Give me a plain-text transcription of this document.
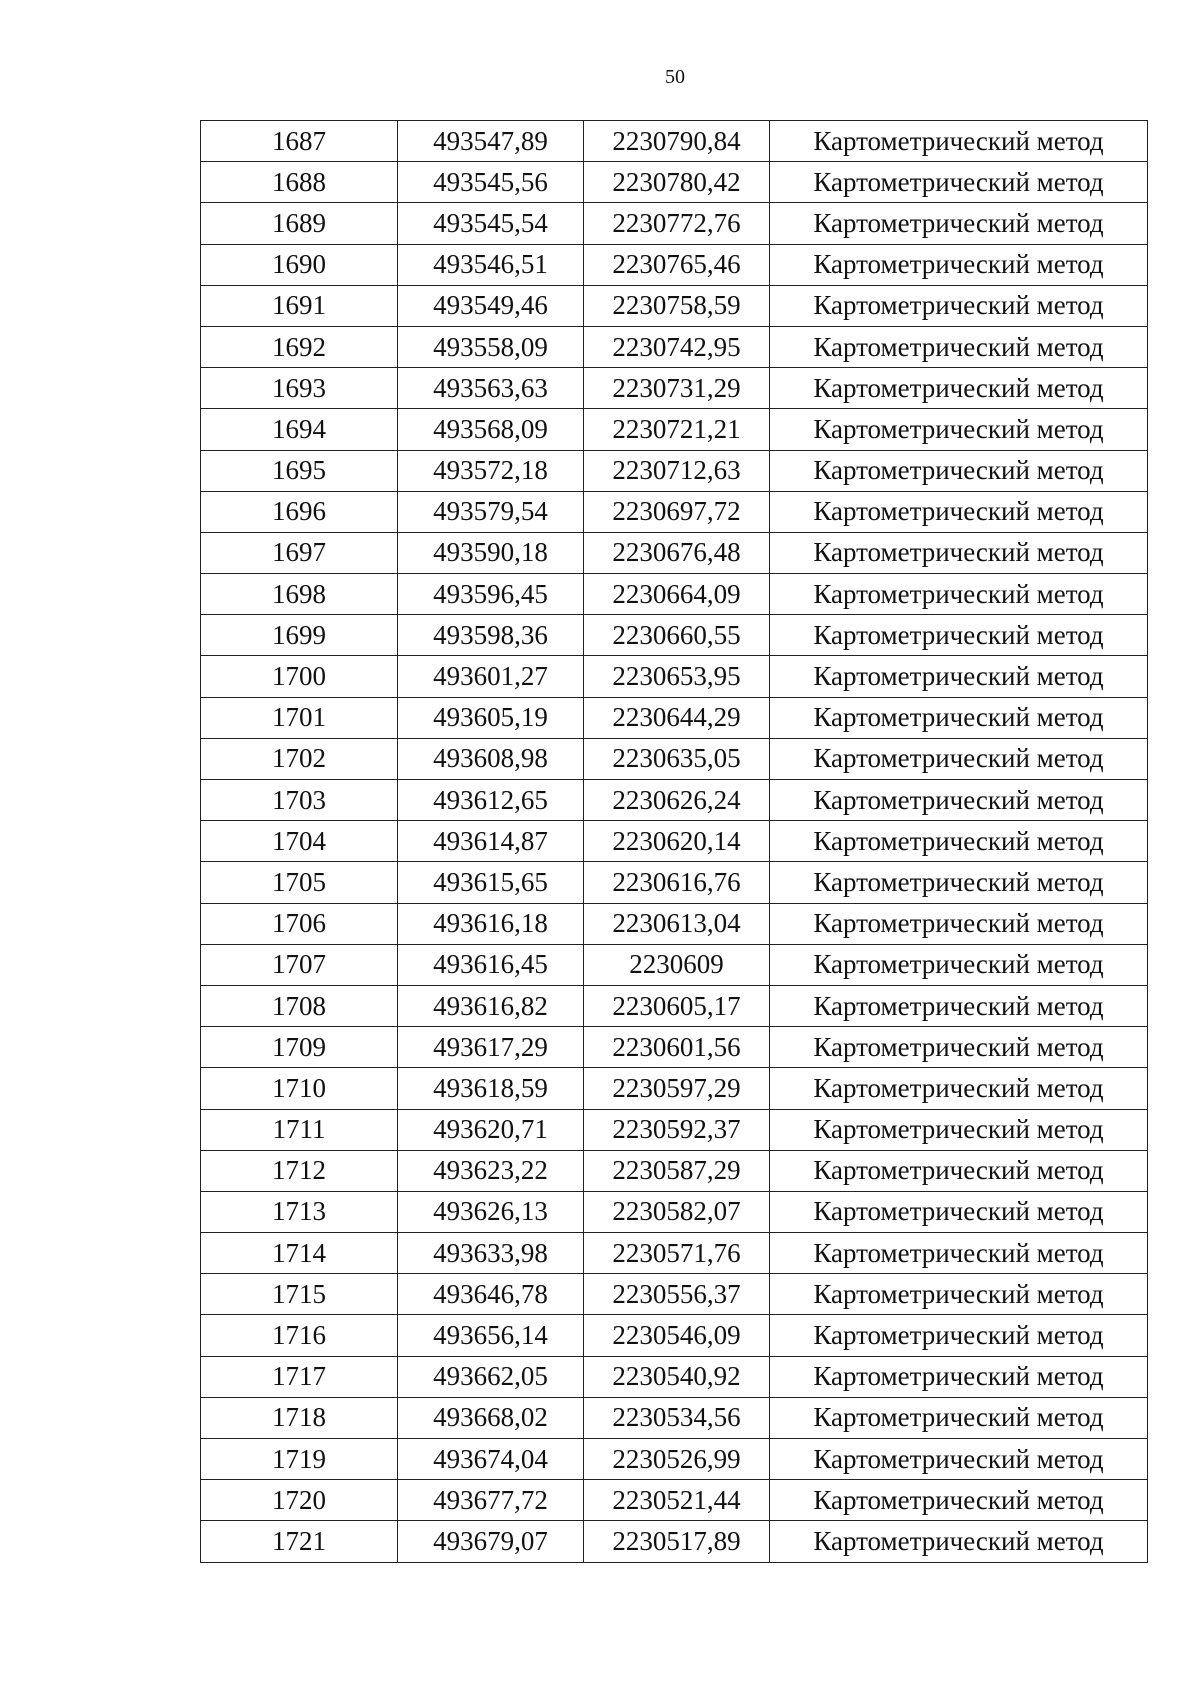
50
1687	493547,89	2230790,84	Картометрический метод
1688	493545,56	2230780,42	Картометрический метод
1689	493545,54	2230772,76	Картометрический метод
1690	493546,51	2230765,46	Картометрический метод
1691	493549,46	2230758,59	Картометрический метод
1692	493558,09	2230742,95	Картометрический метод
1693	493563,63	2230731,29	Картометрический метод
1694	493568,09	2230721,21	Картометрический метод
1695	493572,18	2230712,63	Картометрический метод
1696	493579,54	2230697,72	Картометрический метод
1697	493590,18	2230676,48	Картометрический метод
1698	493596,45	2230664,09	Картометрический метод
1699	493598,36	2230660,55	Картометрический метод
1700	493601,27	2230653,95	Картометрический метод
1701	493605,19	2230644,29	Картометрический метод
1702	493608,98	2230635,05	Картометрический метод
1703	493612,65	2230626,24	Картометрический метод
1704	493614,87	2230620,14	Картометрический метод
1705	493615,65	2230616,76	Картометрический метод
1706	493616,18	2230613,04	Картометрический метод
1707	493616,45	2230609	Картометрический метод
1708	493616,82	2230605,17	Картометрический метод
1709	493617,29	2230601,56	Картометрический метод
1710	493618,59	2230597,29	Картометрический метод
1711	493620,71	2230592,37	Картометрический метод
1712	493623,22	2230587,29	Картометрический метод
1713	493626,13	2230582,07	Картометрический метод
1714	493633,98	2230571,76	Картометрический метод
1715	493646,78	2230556,37	Картометрический метод
1716	493656,14	2230546,09	Картометрический метод
1717	493662,05	2230540,92	Картометрический метод
1718	493668,02	2230534,56	Картометрический метод
1719	493674,04	2230526,99	Картометрический метод
1720	493677,72	2230521,44	Картометрический метод
1721	493679,07	2230517,89	Картометрический метод
